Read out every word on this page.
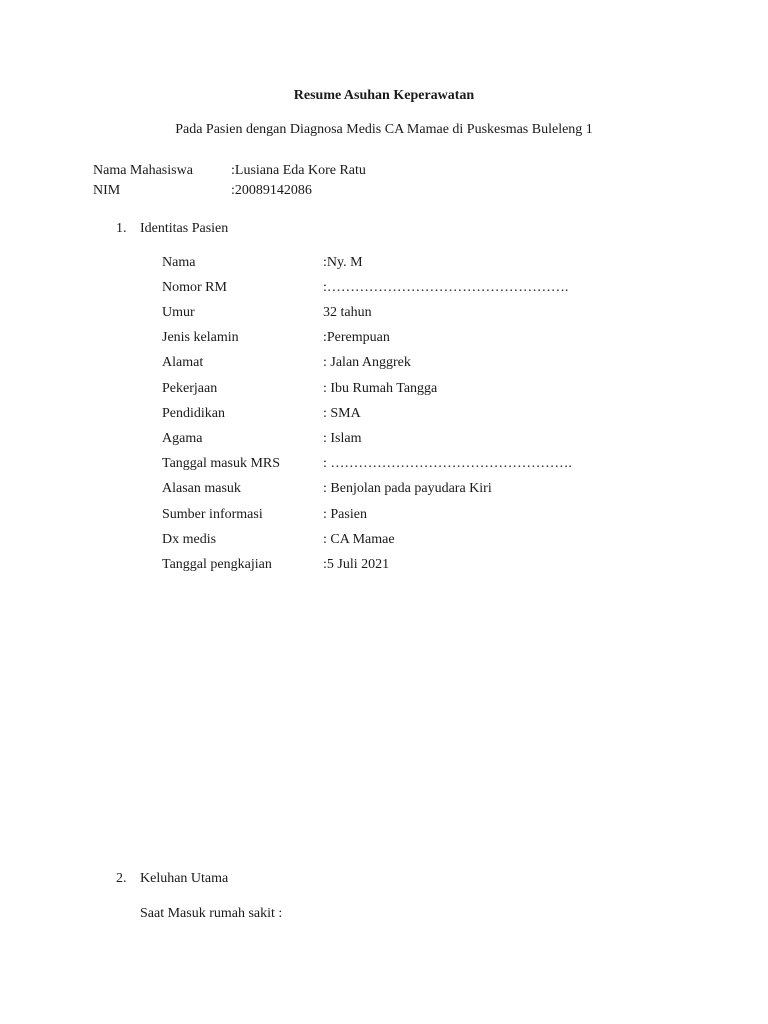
Resume Asuhan Keperawatan
Pada Pasien dengan Diagnosa Medis CA Mamae di Puskesmas Buleleng 1
Nama Mahasiswa	:Lusiana Eda Kore Ratu
NIM	:20089142086
1. Identitas Pasien
Nama	:Ny. M
Nomor RM	:…………………………………………….
Umur	32 tahun
Jenis kelamin	:Perempuan
Alamat	: Jalan Anggrek
Pekerjaan	: Ibu Rumah Tangga
Pendidikan	: SMA
Agama	: Islam
Tanggal masuk MRS	: …………………………………………….
Alasan masuk	: Benjolan pada payudara Kiri
Sumber informasi	: Pasien
Dx medis	: CA Mamae
Tanggal pengkajian	:5 Juli 2021
2. Keluhan Utama
Saat Masuk rumah sakit :
